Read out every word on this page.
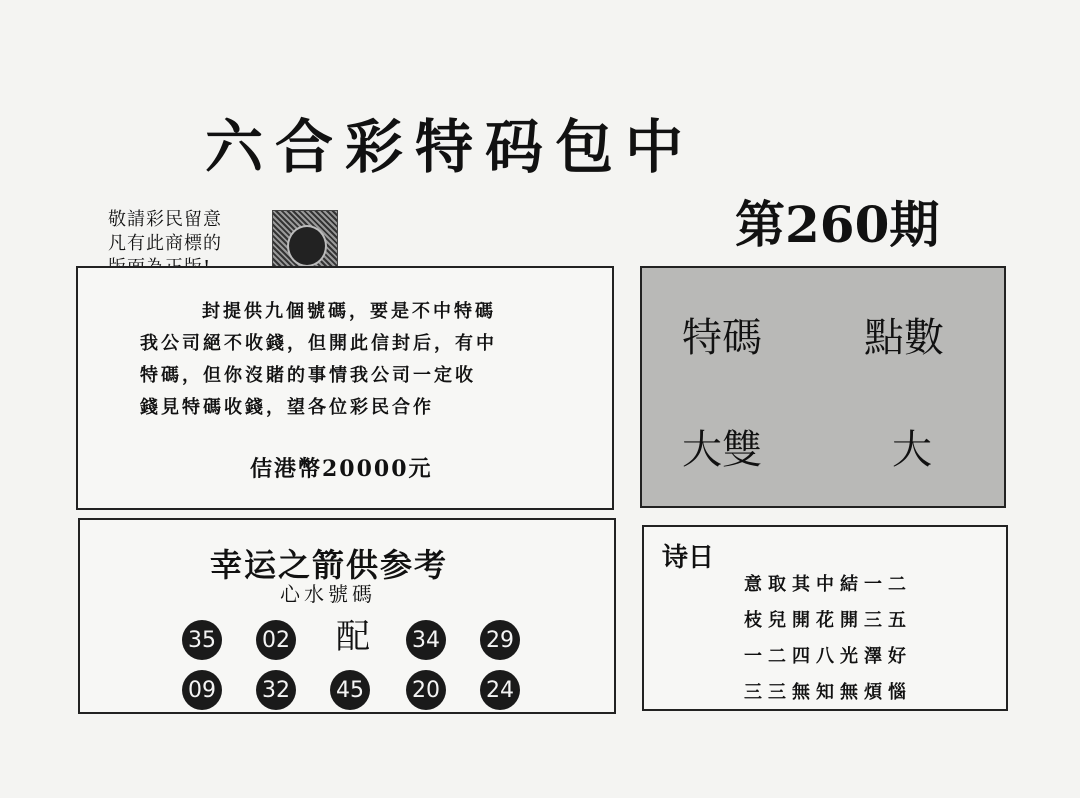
六合彩特码包中
第260期
敬請彩民留意
凡有此商標的
封提供九個號碼，要是不中特碼
我公司絕不收錢，但開此信封后，有中
特碼，但你沒賭的事情我公司一定收
錢見特碼收錢，望各位彩民合作
佶港幣20000元
特碼	點數
大雙	大
幸运之箭供参考
心水號碼
35 02 配 34 29
09 32 45 20 24
诗日
意取其中結一二
枝兒開花開三五
一二四八光澤好
三三無知無煩惱
